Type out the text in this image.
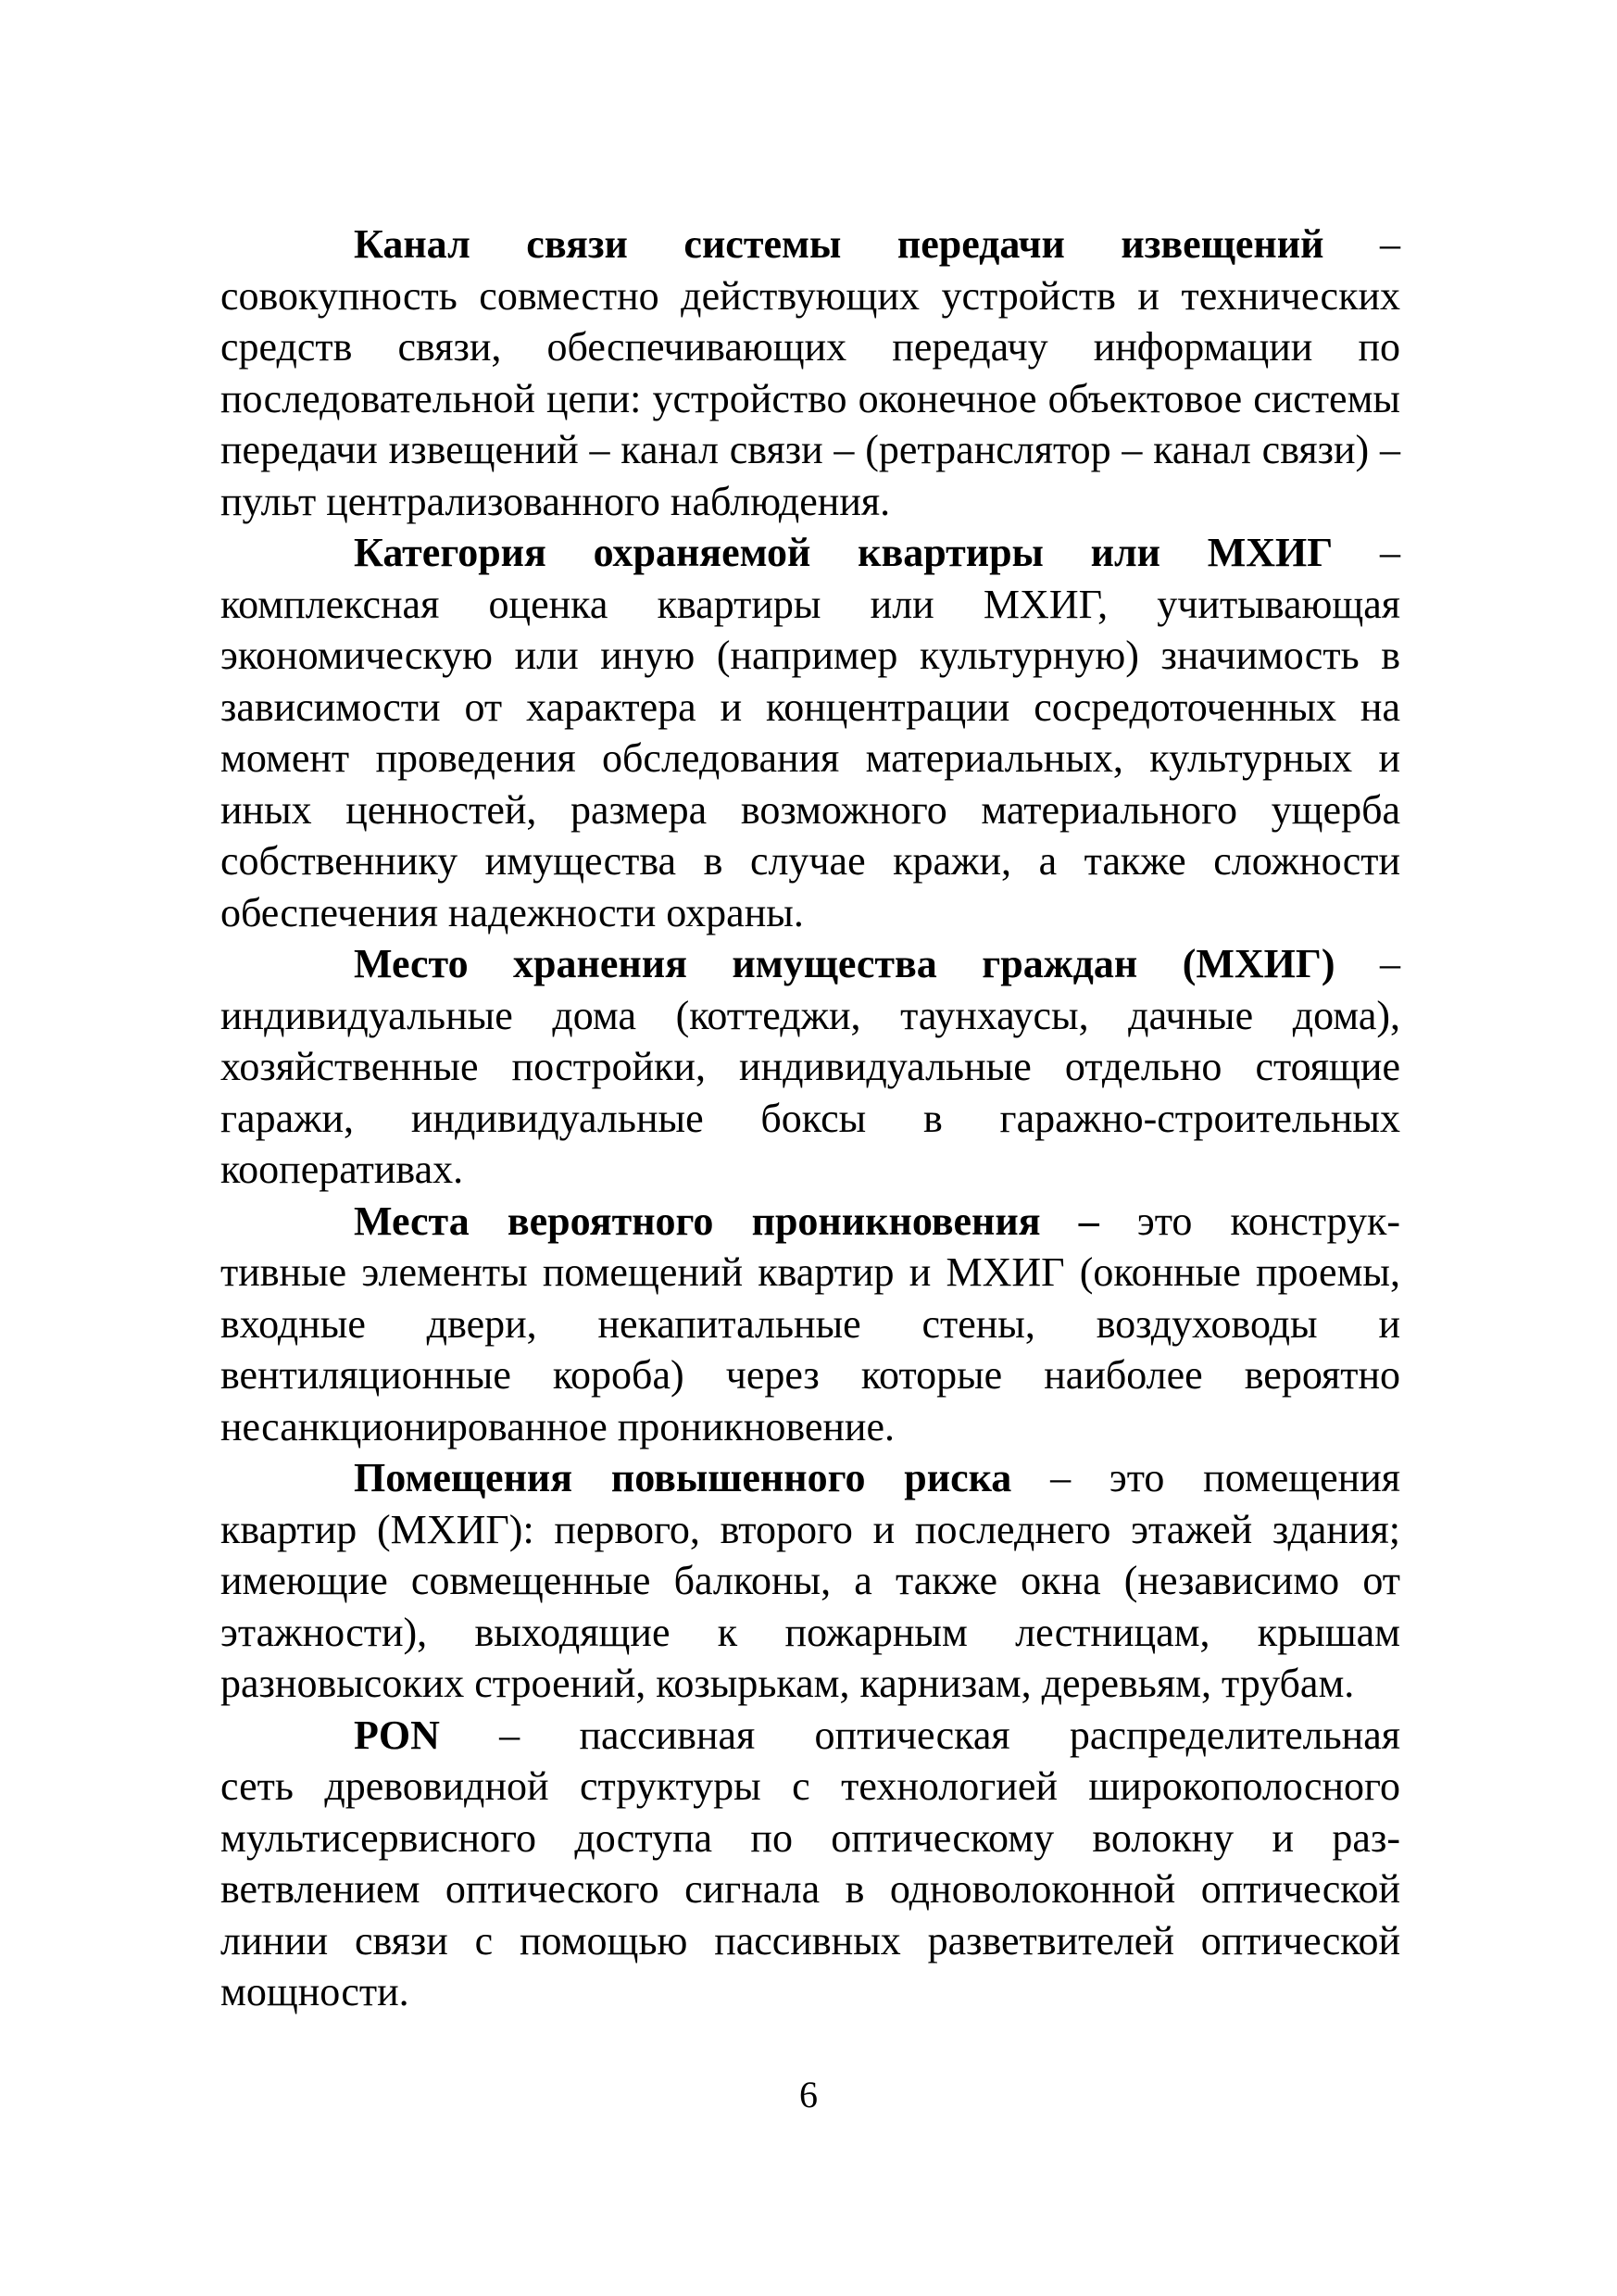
Канал связи системы передачи извещений –
совокупность совместно действующих устройств и технических средств связи, обеспечивающих передачу информации по последовательной цепи: устройство оконечное объектовое системы передачи извещений – канал связи – (ретранслятор – канал связи) – пульт централизованного наблюдения.
Категория охраняемой квартиры или МХИГ –
комплексная оценка квартиры или МХИГ, учитывающая экономическую или иную (например культурную) значимость в зависимости от характера и концентрации сосредоточенных на момент проведения обследования материальных, культурных и иных ценностей, размера возможного материального ущерба собственнику имущества в случае кражи, а также сложности обеспечения надежности охраны.
Место хранения имущества граждан (МХИГ) –
индивидуальные дома (коттеджи, таунхаусы, дачные дома), хозяйственные постройки, индивидуальные отдельно стоящие гаражи, индивидуальные боксы в гаражно-строительных кооперативах.
Места вероятного проникновения – это конструк-
тивные элементы помещений квартир и МХИГ (оконные проемы, входные двери, некапитальные стены, воздуховоды и вентиляционные короба) через которые наиболее вероятно несанкционированное проникновение.
Помещения повышенного риска – это помещения
квартир (МХИГ): первого, второго и последнего этажей здания; имеющие совмещенные балконы, а также окна (независимо от этажности), выходящие к пожарным лестницам, крышам разновысоких строений, козырькам, карнизам, деревьям, трубам.
PON – пассивная оптическая распределительная
сеть древовидной структуры с технологией широкополосного мультисервисного доступа по оптическому волокну и разветвлением оптического сигнала в одноволоконной оптической линии связи с помощью пассивных разветвителей оптической мощности.
6
